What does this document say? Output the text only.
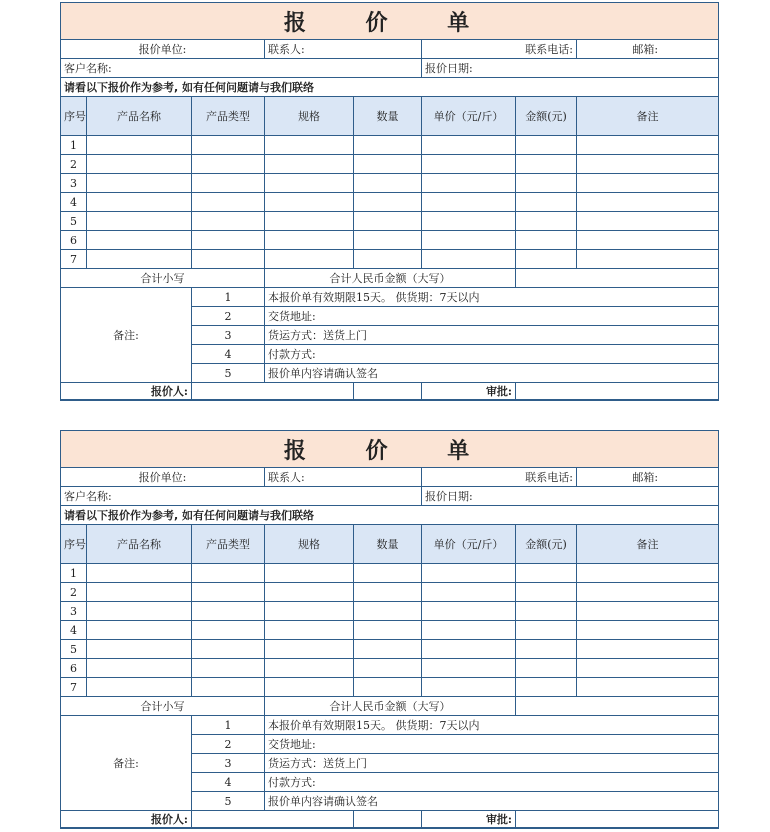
报 价 单							
报价单位:			联系人:		联系电话:		邮箱:
客户名称:					报价日期:		
请看以下报价作为参考, 如有任何问题请与我们联络							
序号	产品名称	产品类型	规格	数量	单价（元/斤）	金额(元)	备注
1							
2							
3							
4							
5							
6							
7							
合计小写			合计人民币金额（大写）				
备注:		1	本报价单有效期限15天。 供货期：7天以内				
		2	交货地址:				
		3	货运方式：送货上门				
		4	付款方式:				
		5	报价单内容请确认签名				
报价人:					审批:		
报 价 单							
报价单位:			联系人:		联系电话:		邮箱:
客户名称:					报价日期:		
请看以下报价作为参考, 如有任何问题请与我们联络							
序号	产品名称	产品类型	规格	数量	单价（元/斤）	金额(元)	备注
1							
2							
3							
4							
5							
6							
7							
合计小写			合计人民币金额（大写）				
备注:		1	本报价单有效期限15天。 供货期：7天以内				
		2	交货地址:				
		3	货运方式：送货上门				
		4	付款方式:				
		5	报价单内容请确认签名				
报价人:					审批:		
